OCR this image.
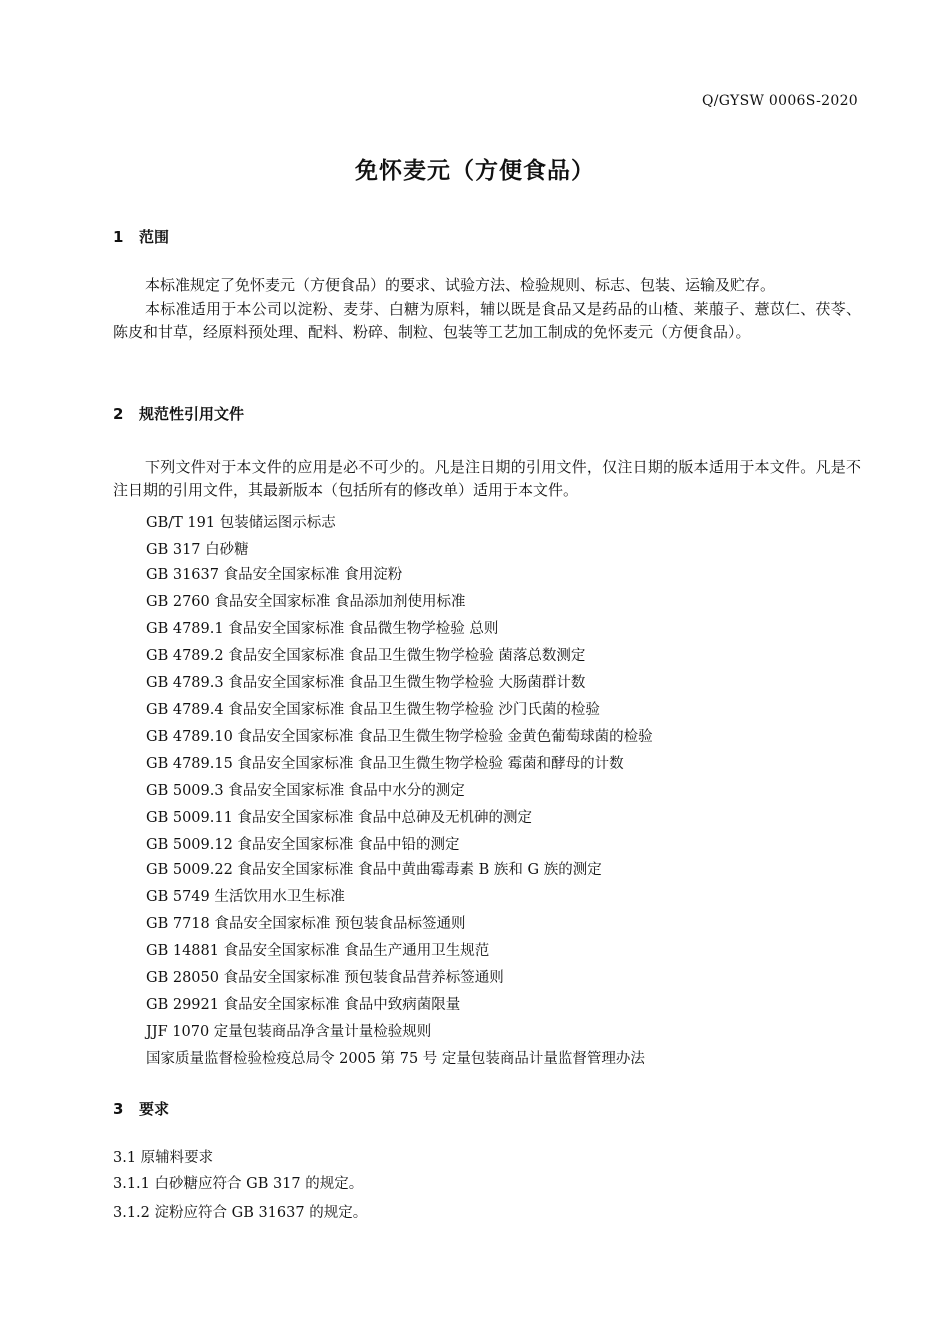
Q/GYSW 0006S-2020
免怀麦元（方便食品）
1 范围
本标准规定了免怀麦元（方便食品）的要求、试验方法、检验规则、标志、包装、运输及贮存。
本标准适用于本公司以淀粉、麦芽、白糖为原料，辅以既是食品又是药品的山楂、莱菔子、薏苡仁、茯苓、陈皮和甘草，经原料预处理、配料、粉碎、制粒、包装等工艺加工制成的免怀麦元（方便食品）。
2 规范性引用文件
下列文件对于本文件的应用是必不可少的。凡是注日期的引用文件，仅注日期的版本适用于本文件。凡是不注日期的引用文件，其最新版本（包括所有的修改单）适用于本文件。
GB/T 191 包装储运图示标志
GB 317 白砂糖
GB 31637 食品安全国家标准 食用淀粉
GB 2760 食品安全国家标准 食品添加剂使用标准
GB 4789.1 食品安全国家标准 食品微生物学检验 总则
GB 4789.2 食品安全国家标准 食品卫生微生物学检验 菌落总数测定
GB 4789.3 食品安全国家标准 食品卫生微生物学检验 大肠菌群计数
GB 4789.4 食品安全国家标准 食品卫生微生物学检验 沙门氏菌的检验
GB 4789.10 食品安全国家标准 食品卫生微生物学检验 金黄色葡萄球菌的检验
GB 4789.15 食品安全国家标准 食品卫生微生物学检验 霉菌和酵母的计数
GB 5009.3 食品安全国家标准 食品中水分的测定
GB 5009.11 食品安全国家标准 食品中总砷及无机砷的测定
GB 5009.12 食品安全国家标准 食品中铅的测定
GB 5009.22 食品安全国家标准 食品中黄曲霉毒素 B 族和 G 族的测定
GB 5749 生活饮用水卫生标准
GB 7718 食品安全国家标准 预包装食品标签通则
GB 14881 食品安全国家标准 食品生产通用卫生规范
GB 28050 食品安全国家标准 预包装食品营养标签通则
GB 29921 食品安全国家标准 食品中致病菌限量
JJF 1070 定量包装商品净含量计量检验规则
国家质量监督检验检疫总局令 2005 第 75 号 定量包装商品计量监督管理办法
3 要求
3.1 原辅料要求
3.1.1 白砂糖应符合 GB 317 的规定。
3.1.2 淀粉应符合 GB 31637 的规定。
